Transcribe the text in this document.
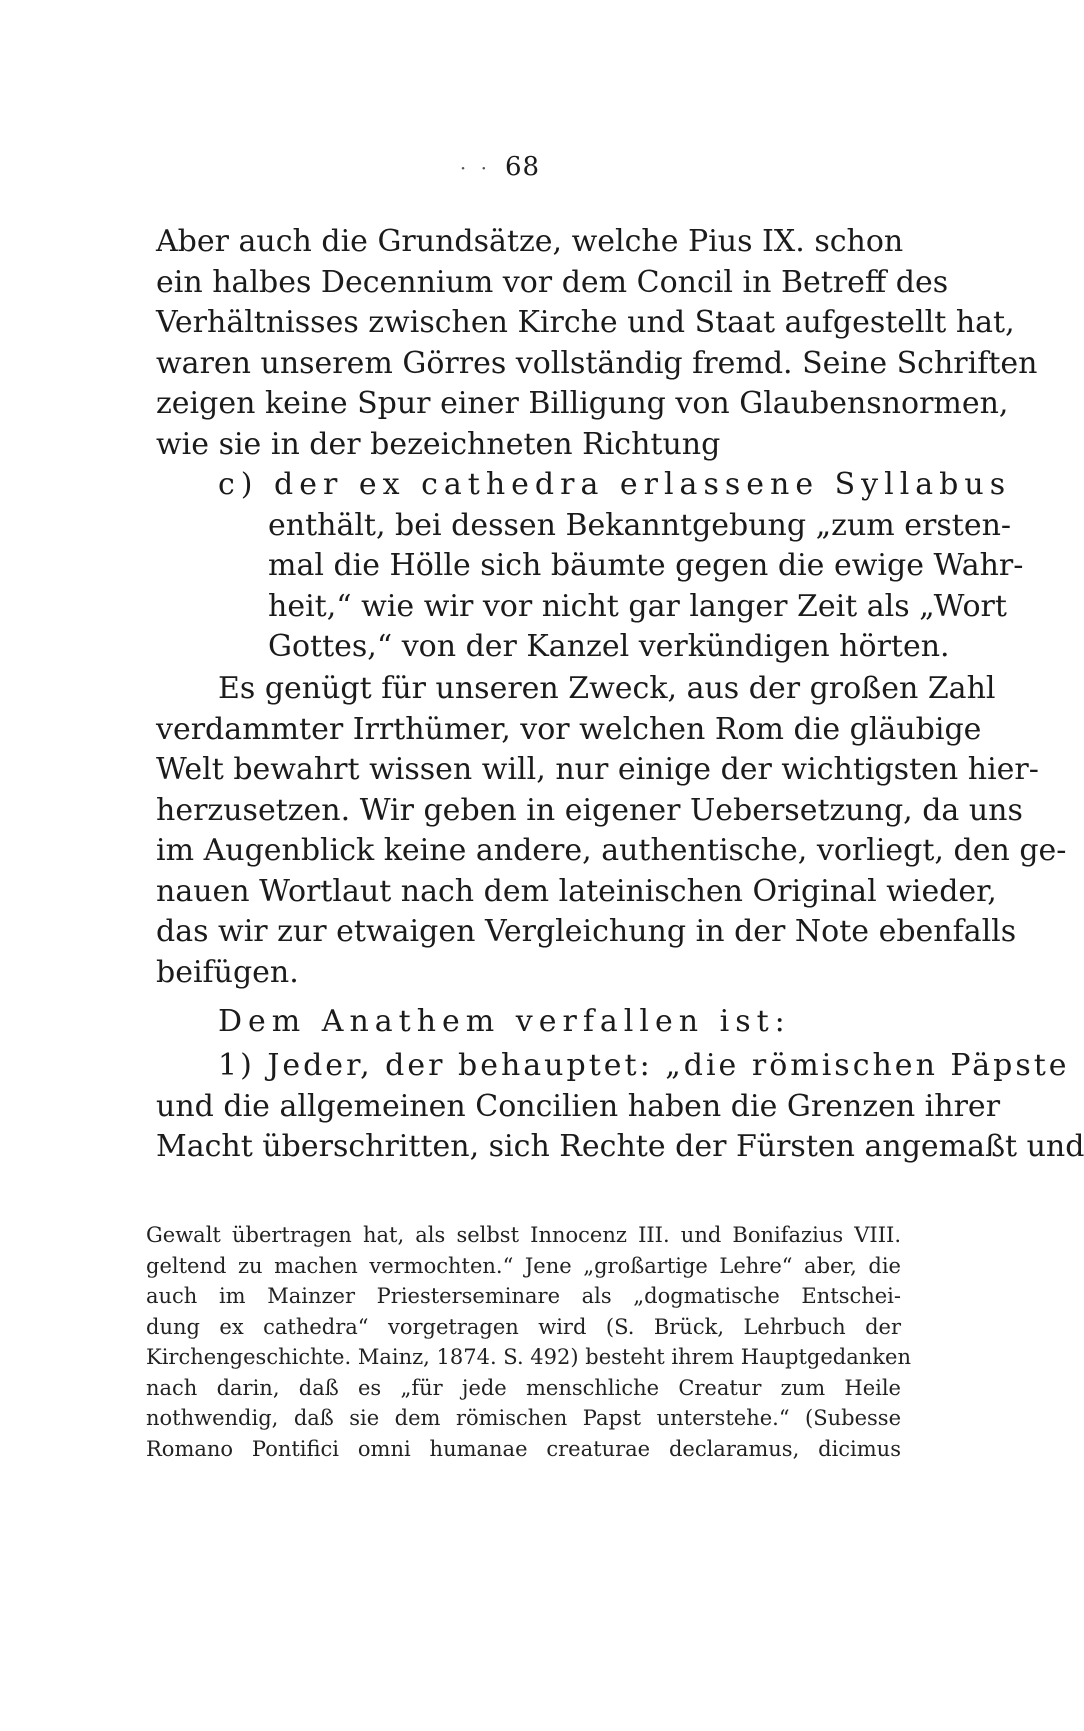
· · 68
Aber auch die Grundsätze, welche Pius IX. schon
ein halbes Decennium vor dem Concil in Betreff des
Verhältnisses zwischen Kirche und Staat aufgestellt hat,
waren unserem Görres vollständig fremd. Seine Schriften
zeigen keine Spur einer Billigung von Glaubensnormen,
wie sie in der bezeichneten Richtung
c) der ex cathedra erlassene Syllabus
enthält, bei dessen Bekanntgebung „zum ersten-
mal die Hölle sich bäumte gegen die ewige Wahr-
heit,“ wie wir vor nicht gar langer Zeit als „Wort
Gottes,“ von der Kanzel verkündigen hörten.
Es genügt für unseren Zweck, aus der großen Zahl
verdammter Irrthümer, vor welchen Rom die gläubige
Welt bewahrt wissen will, nur einige der wichtigsten hier-
herzusetzen. Wir geben in eigener Uebersetzung, da uns
im Augenblick keine andere, authentische, vorliegt, den ge-
nauen Wortlaut nach dem lateinischen Original wieder,
das wir zur etwaigen Vergleichung in der Note ebenfalls
beifügen.
Dem Anathem verfallen ist:
1) Jeder, der behauptet: „die römischen Päpste
und die allgemeinen Concilien haben die Grenzen ihrer
Macht überschritten, sich Rechte der Fürsten angemaßt und
Gewalt übertragen hat, als selbst Innocenz III. und Bonifazius VIII.
geltend zu machen vermochten.“ Jene „großartige Lehre“ aber, die
auch im Mainzer Priesterseminare als „dogmatische Entschei-
dung ex cathedra“ vorgetragen wird (S. Brück, Lehrbuch der
Kirchengeschichte. Mainz, 1874. S. 492) besteht ihrem Hauptgedanken
nach darin, daß es „für jede menschliche Creatur zum Heile
nothwendig, daß sie dem römischen Papst unterstehe.“ (Subesse
Romano Pontifici omni humanae creaturae declaramus, dicimus
